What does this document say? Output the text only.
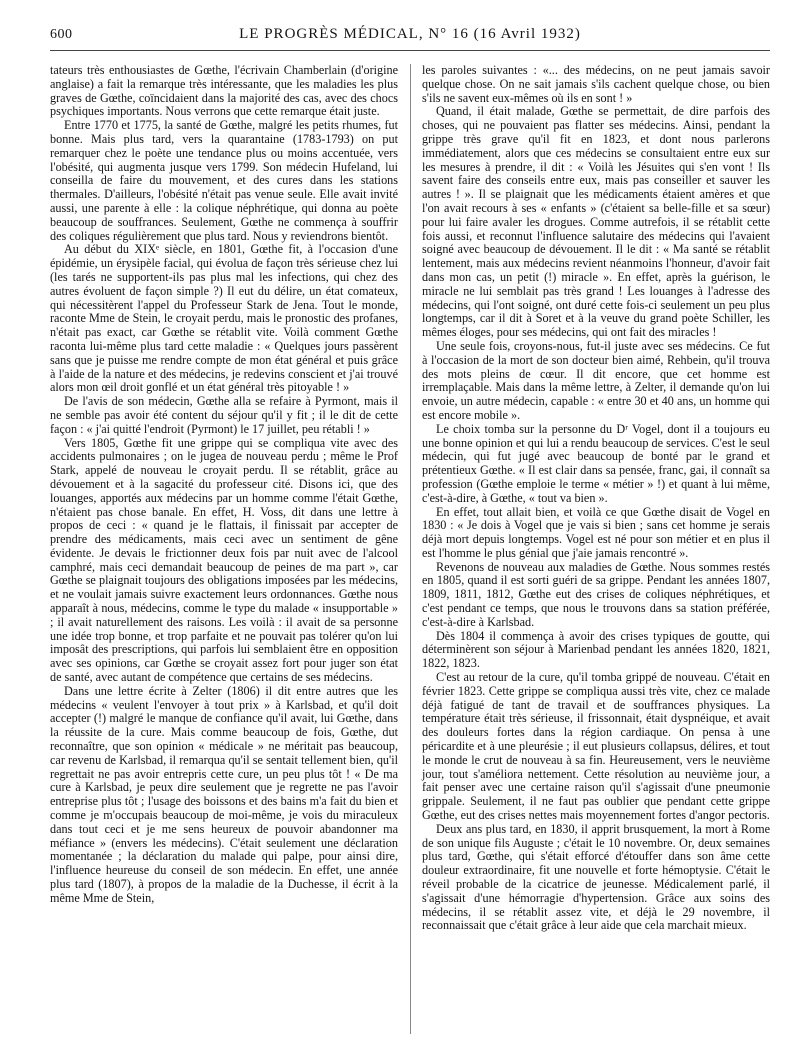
600	LE PROGRÈS MÉDICAL, N° 16 (16 Avril 1932)

tateurs très enthousiastes de Gœthe, l'écrivain Chamberlain (d'origine anglaise) a fait la remarque très intéressante, que les maladies les plus graves de Gœthe, coïncidaient dans la majorité des cas, avec des chocs psychiques importants. Nous verrons que cette remarque était juste.

Entre 1770 et 1775, la santé de Gœthe, malgré les petits rhumes, fut bonne. Mais plus tard, vers la quarantaine (1783-1793) on put remarquer chez le poète une tendance plus ou moins accentuée, vers l'obésité, qui augmenta jusque vers 1799. Son médecin Hufeland, lui conseilla de faire du mouvement, et des cures dans les stations thermales. D'ailleurs, l'obésité n'était pas venue seule. Elle avait invité aussi, une parente à elle : la colique néphrétique, qui donna au poète beaucoup de souffrances. Seulement, Gœthe ne commença à souffrir des coliques régulièrement que plus tard. Nous y reviendrons bientôt.

Au début du XIXᵉ siècle, en 1801, Gœthe fit, à l'occasion d'une épidémie, un érysipèle facial, qui évolua de façon très sérieuse chez lui (les tarés ne supportent-ils pas plus mal les infections, qui chez des autres évoluent de façon simple ?) Il eut du délire, un état comateux, qui nécessitèrent l'appel du Professeur Stark de Jena. Tout le monde, raconte Mme de Stein, le croyait perdu, mais le pronostic des profanes, n'était pas exact, car Gœthe se rétablit vite. Voilà comment Gœthe raconta lui-même plus tard cette maladie : « Quelques jours passèrent sans que je puisse me rendre compte de mon état général et puis grâce à l'aide de la nature et des médecins, je redevins conscient et j'ai trouvé alors mon œil droit gonflé et un état général très pitoyable ! »

De l'avis de son médecin, Gœthe alla se refaire à Pyrmont, mais il ne semble pas avoir été content du séjour qu'il y fit ; il le dit de cette façon : « j'ai quitté l'endroit (Pyrmont) le 17 juillet, peu rétabli ! »

Vers 1805, Gœthe fit une grippe qui se compliqua vite avec des accidents pulmonaires ; on le jugea de nouveau perdu ; même le Prof Stark, appelé de nouveau le croyait perdu. Il se rétablit, grâce au dévouement et à la sagacité du professeur cité. Disons ici, que des louanges, apportés aux médecins par un homme comme l'était Gœthe, n'étaient pas chose banale. En effet, H. Voss, dit dans une lettre à propos de ceci : « quand je le flattais, il finissait par accepter de prendre des médicaments, mais ceci avec un sentiment de gêne évidente. Je devais le frictionner deux fois par nuit avec de l'alcool camphré, mais ceci demandait beaucoup de peines de ma part », car Gœthe se plaignait toujours des obligations imposées par les médecins, et ne voulait jamais suivre exactement leurs ordonnances. Gœthe nous apparaît à nous, médecins, comme le type du malade « insupportable » ; il avait naturellement des raisons. Les voilà : il avait de sa personne une idée trop bonne, et trop parfaite et ne pouvait pas tolérer qu'on lui imposât des prescriptions, qui parfois lui semblaient être en opposition avec ses opinions, car Gœthe se croyait assez fort pour juger son état de santé, avec autant de compétence que certains de ses médecins.

Dans une lettre écrite à Zelter (1806) il dit entre autres que les médecins « veulent l'envoyer à tout prix » à Karlsbad, et qu'il doit accepter (!) malgré le manque de confiance qu'il avait, lui Gœthe, dans la réussite de la cure. Mais comme beaucoup de fois, Gœthe, dut reconnaître, que son opinion « médicale » ne méritait pas beaucoup, car revenu de Karlsbad, il remarqua qu'il se sentait tellement bien, qu'il regrettait ne pas avoir entrepris cette cure, un peu plus tôt ! « De ma cure à Karlsbad, je peux dire seulement que je regrette ne pas l'avoir entreprise plus tôt ; l'usage des boissons et des bains m'a fait du bien et comme je m'occupais beaucoup de moi-même, je vois du miraculeux dans tout ceci et je me sens heureux de pouvoir abandonner ma méfiance » (envers les médecins). C'était seulement une déclaration momentanée ; la déclaration du malade qui palpe, pour ainsi dire, l'influence heureuse du conseil de son médecin. En effet, une année plus tard (1807), à propos de la maladie de la Duchesse, il écrit à la même Mme de Stein,

les paroles suivantes : «... des médecins, on ne peut jamais savoir quelque chose. On ne sait jamais s'ils cachent quelque chose, ou bien s'ils ne savent eux-mêmes où ils en sont ! »

Quand, il était malade, Gœthe se permettait, de dire parfois des choses, qui ne pouvaient pas flatter ses médecins. Ainsi, pendant la grippe très grave qu'il fit en 1823, et dont nous parlerons immédiatement, alors que ces médecins se consultaient entre eux sur les mesures à prendre, il dit : « Voilà les Jésuites qui s'en vont ! Ils savent faire des conseils entre eux, mais pas conseiller et sauver les autres ! ». Il se plaignait que les médicaments étaient amères et que l'on avait recours à ses « enfants » (c'étaient sa belle-fille et sa sœur) pour lui faire avaler les drogues. Comme autrefois, il se rétablit cette fois aussi, et reconnut l'influence salutaire des médecins qui l'avaient soigné avec beaucoup de dévouement. Il le dit : « Ma santé se rétablit lentement, mais aux médecins revient néanmoins l'honneur, d'avoir fait dans mon cas, un petit (!) miracle ». En effet, après la guérison, le miracle ne lui semblait pas très grand ! Les louanges à l'adresse des médecins, qui l'ont soigné, ont duré cette fois-ci seulement un peu plus longtemps, car il dit à Soret et à la veuve du grand poète Schiller, les mêmes éloges, pour ses médecins, qui ont fait des miracles !

Une seule fois, croyons-nous, fut-il juste avec ses médecins. Ce fut à l'occasion de la mort de son docteur bien aimé, Rehbein, qu'il trouva des mots pleins de cœur. Il dit encore, que cet homme est irremplaçable. Mais dans la même lettre, à Zelter, il demande qu'on lui envoie, un autre médecin, capable : « entre 30 et 40 ans, un homme qui est encore mobile ».

Le choix tomba sur la personne du Dʳ Vogel, dont il a toujours eu une bonne opinion et qui lui a rendu beaucoup de services. C'est le seul médecin, qui fut jugé avec beaucoup de bonté par le grand et prétentieux Gœthe. « Il est clair dans sa pensée, franc, gai, il connaît sa profession (Gœthe emploie le terme « métier » !) et quant à lui même, c'est-à-dire, à Gœthe, « tout va bien ».

En effet, tout allait bien, et voilà ce que Gœthe disait de Vogel en 1830 : « Je dois à Vogel que je vais si bien ; sans cet homme je serais déjà mort depuis longtemps. Vogel est né pour son métier et en plus il est l'homme le plus génial que j'aie jamais rencontré ».

Revenons de nouveau aux maladies de Gœthe. Nous sommes restés en 1805, quand il est sorti guéri de sa grippe. Pendant les années 1807, 1809, 1811, 1812, Gœthe eut des crises de coliques néphrétiques, et c'est pendant ce temps, que nous le trouvons dans sa station préférée, c'est-à-dire à Karlsbad.

Dès 1804 il commença à avoir des crises typiques de goutte, qui déterminèrent son séjour à Marienbad pendant les années 1820, 1821, 1822, 1823.

C'est au retour de la cure, qu'il tomba grippé de nouveau. C'était en février 1823. Cette grippe se compliqua aussi très vite, chez ce malade déjà fatigué de tant de travail et de souffrances physiques. La température était très sérieuse, il frissonnait, était dyspnéique, et avait des douleurs fortes dans la région cardiaque. On pensa à une péricardite et à une pleurésie ; il eut plusieurs collapsus, délires, et tout le monde le crut de nouveau à sa fin. Heureusement, vers le neuvième jour, tout s'améliora nettement. Cette résolution au neuvième jour, a fait penser avec une certaine raison qu'il s'agissait d'une pneumonie grippale. Seulement, il ne faut pas oublier que pendant cette grippe Gœthe, eut des crises nettes mais moyennement fortes d'angor pectoris.

Deux ans plus tard, en 1830, il apprit brusquement, la mort à Rome de son unique fils Auguste ; c'était le 10 novembre. Or, deux semaines plus tard, Gœthe, qui s'était efforcé d'étouffer dans son âme cette douleur extraordinaire, fit une nouvelle et forte hémoptysie. C'était le réveil probable de la cicatrice de jeunesse. Médicalement parlé, il s'agissait d'une hémorragie d'hypertension. Grâce aux soins des médecins, il se rétablit assez vite, et déjà le 29 novembre, il reconnaissait que c'était grâce à leur aide que cela marchait mieux.
